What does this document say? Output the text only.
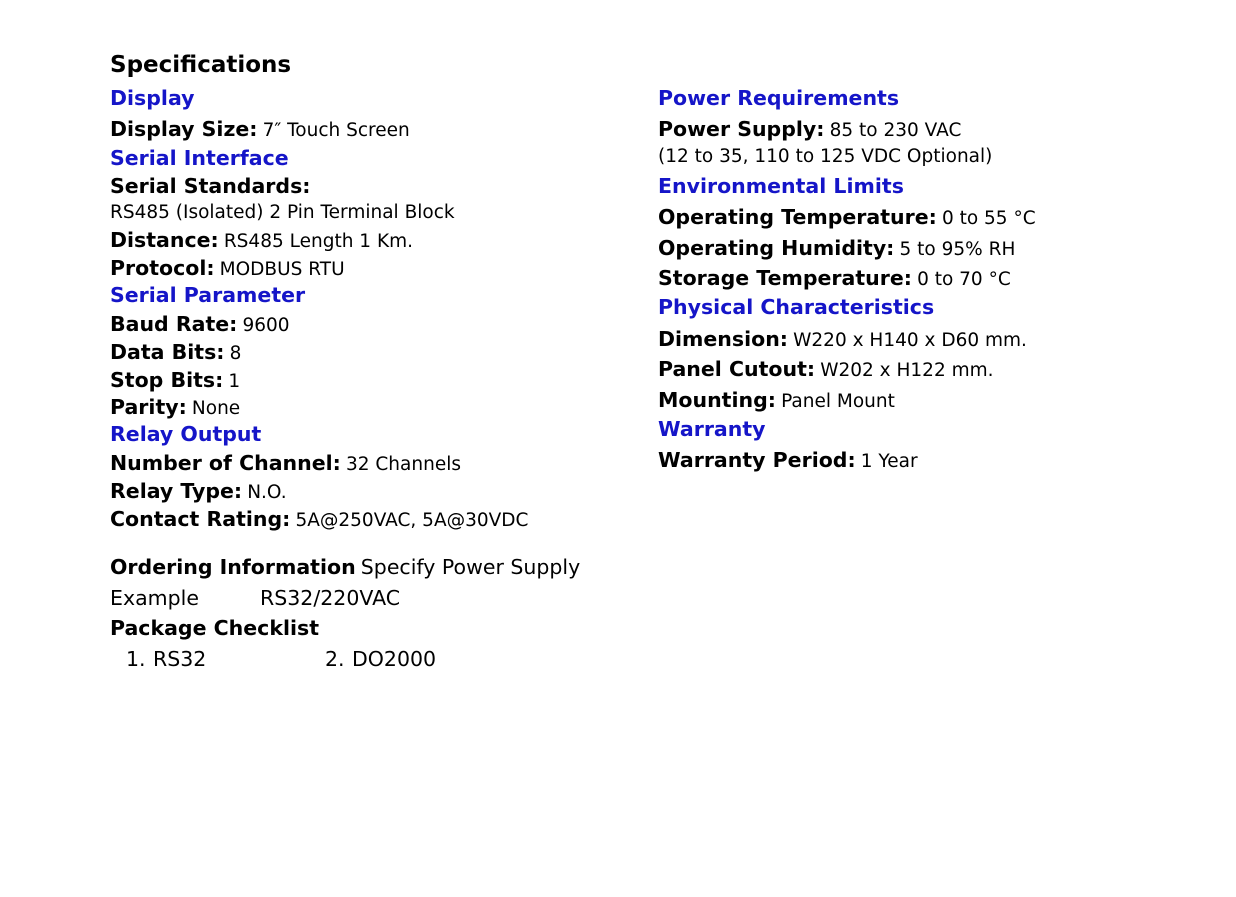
Specifications
Display
Display Size: 7″ Touch Screen
Serial Interface
Serial Standards:
RS485 (Isolated) 2 Pin Terminal Block
Distance: RS485 Length 1 Km.
Protocol: MODBUS RTU
Serial Parameter
Baud Rate: 9600
Data Bits: 8
Stop Bits: 1
Parity: None
Relay Output
Number of Channel: 32 Channels
Relay Type: N.O.
Contact Rating: 5A@250VAC, 5A@30VDC
Ordering Information Specify Power Supply
Example	RS32/220VAC
Package Checklist
1. RS32	2. DO2000
Power Requirements
Power Supply: 85 to 230 VAC
(12 to 35, 110 to 125 VDC Optional)
Environmental Limits
Operating Temperature: 0 to 55 °C
Operating Humidity: 5 to 95% RH
Storage Temperature: 0 to 70 °C
Physical Characteristics
Dimension: W220 x H140 x D60 mm.
Panel Cutout: W202 x H122 mm.
Mounting: Panel Mount
Warranty
Warranty Period: 1 Year
